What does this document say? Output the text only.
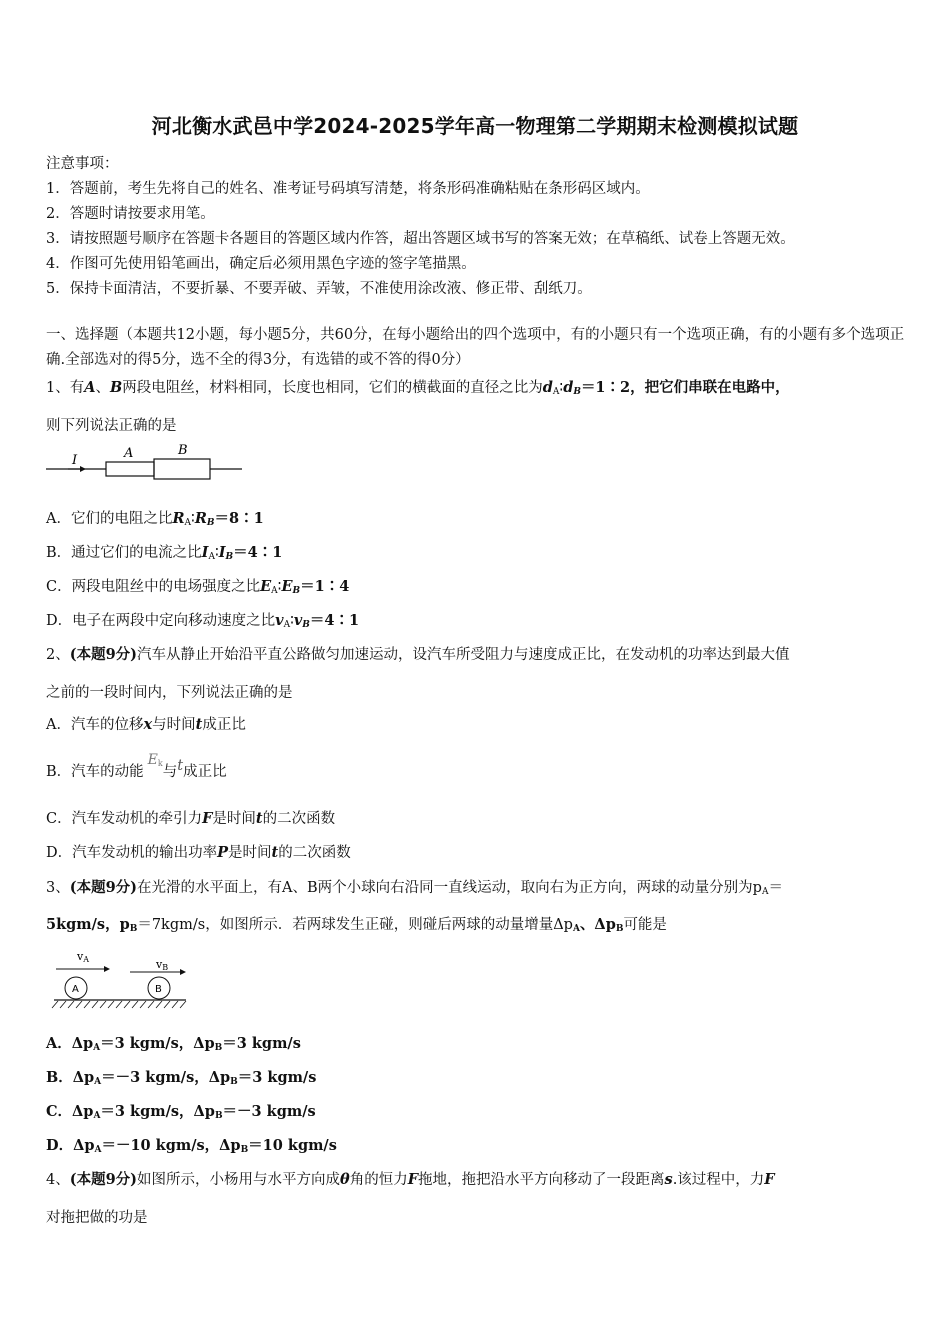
河北衡水武邑中学2024-2025学年高一物理第二学期期末检测模拟试题
注意事项：
1．答题前，考生先将自己的姓名、准考证号码填写清楚，将条形码准确粘贴在条形码区域内。
2．答题时请按要求用笔。
3．请按照题号顺序在答题卡各题目的答题区域内作答，超出答题区域书写的答案无效；在草稿纸、试卷上答题无效。
4．作图可先使用铅笔画出，确定后必须用黑色字迹的签字笔描黑。
5．保持卡面清洁，不要折暴、不要弄破、弄皱，不准使用涂改液、修正带、刮纸刀。
一、选择题（本题共12小题，每小题5分，共60分，在每小题给出的四个选项中，有的小题只有一个选项正确，有的小题有多个选项正确.全部选对的得5分，选不全的得3分，有选错的或不答的得0分）
1、有A、B两段电阻丝，材料相同，长度也相同，它们的横截面的直径之比为$d_A∶d_B=1∶2$，把它们串联在电路中，
则下列说法正确的是
I	A	B
A．它们的电阻之比$R_A∶R_B=8∶1$
B．通过它们的电流之比$I_A∶I_B=4∶1$
C．两段电阻丝中的电场强度之比$E_A∶E_B=1∶4$
D．电子在两段中定向移动速度之比$v_A∶v_B=4∶1$
2、(本题9分)汽车从静止开始沿平直公路做匀加速运动，设汽车所受阻力与速度成正比，在发动机的功率达到最大值
之前的一段时间内，下列说法正确的是
A．汽车的位移x与时间t成正比
B．汽车的动能$E_k$与t成正比
C．汽车发动机的牵引力F是时间t的二次函数
D．汽车发动机的输出功率P是时间t的二次函数
3、(本题9分)在光滑的水平面上，有A、B两个小球向右沿同一直线运动，取向右为正方向，两球的动量分别为$p_A=$
5kgm/s，$p_B=7kgm/s$，如图所示．若两球发生正碰，则碰后两球的动量增量$\Delta p_A$、$\Delta p_B$可能是
vA	vB
A	B
A．$\Delta p_A=3$ kgm/s，$\Delta p_B=3$ kgm/s
B．$\Delta p_A=-3$ kgm/s，$\Delta p_B=3$ kgm/s
C．$\Delta p_A=3$ kgm/s，$\Delta p_B=-3$ kgm/s
D．$\Delta p_A=-10$ kgm/s，$\Delta p_B=10$ kgm/s
4、(本题9分)如图所示，小杨用与水平方向成θ角的恒力F拖地，拖把沿水平方向移动了一段距离s.该过程中，力F
对拖把做的功是
